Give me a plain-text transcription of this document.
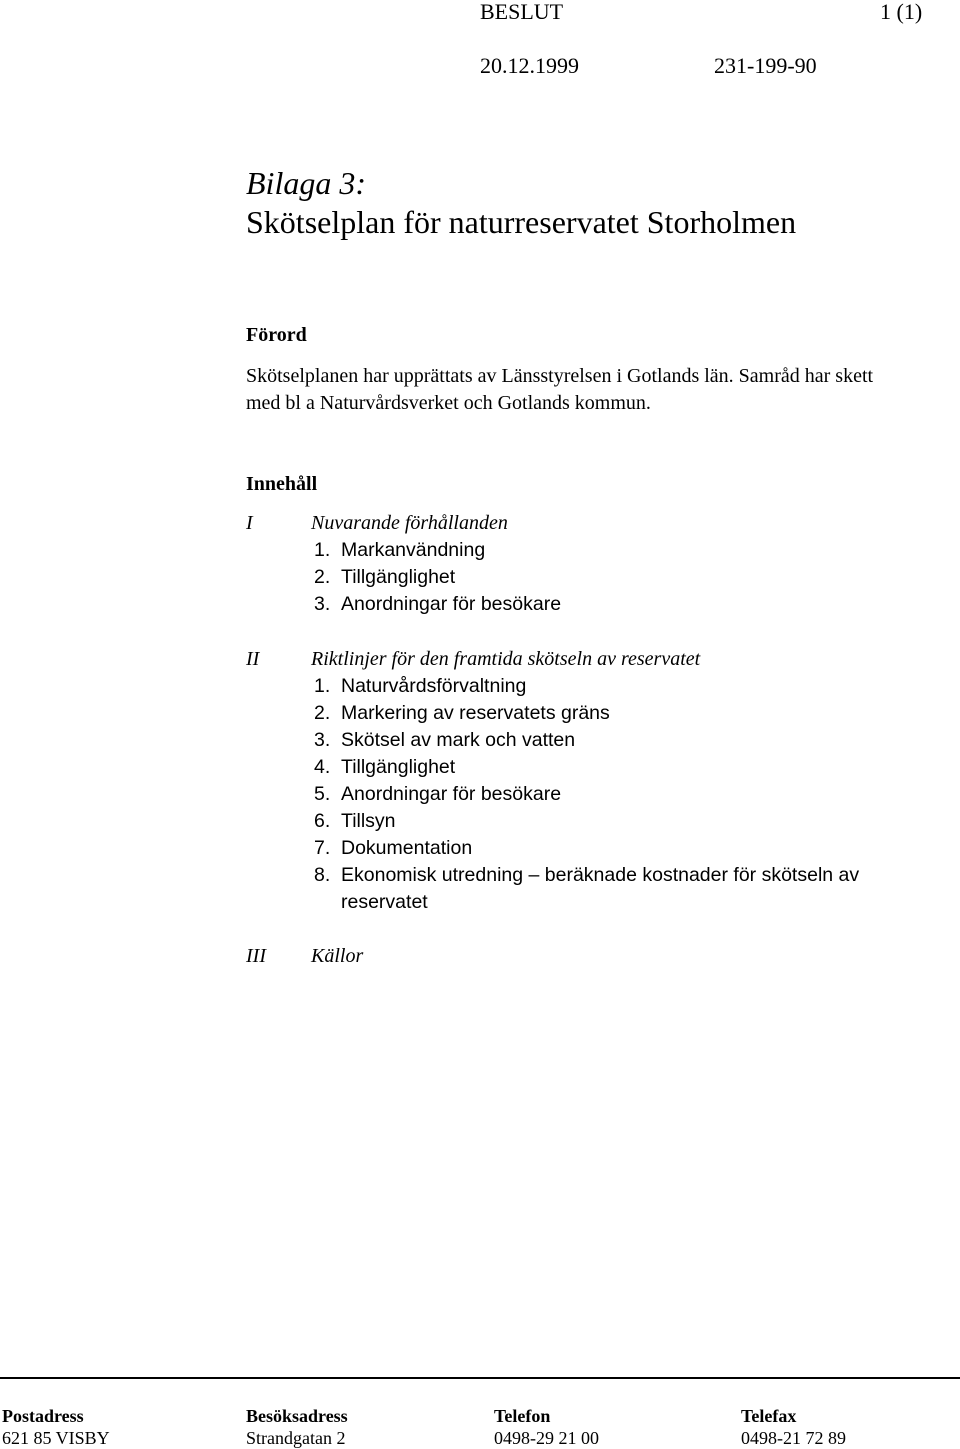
BESLUT	1 (1)
20.12.1999	231-199-90
Bilaga 3:
Skötselplan för naturreservatet Storholmen
Förord
Skötselplanen har upprättats av Länsstyrelsen i Gotlands län. Samråd har skett
med bl a Naturvårdsverket och Gotlands kommun.
Innehåll
I	Nuvarande förhållanden
1. Markanvändning
2. Tillgänglighet
3. Anordningar för besökare
II	Riktlinjer för den framtida skötseln av reservatet
1. Naturvårdsförvaltning
2. Markering av reservatets gräns
3. Skötsel av mark och vatten
4. Tillgänglighet
5. Anordningar för besökare
6. Tillsyn
7. Dokumentation
8. Ekonomisk utredning – beräknade kostnader för skötseln av
reservatet
III Källor
Postadress	Besöksadress	Telefon	Telefax
621 85 VISBY	Strandgatan 2	0498-29 21 00	0498-21 72 89
